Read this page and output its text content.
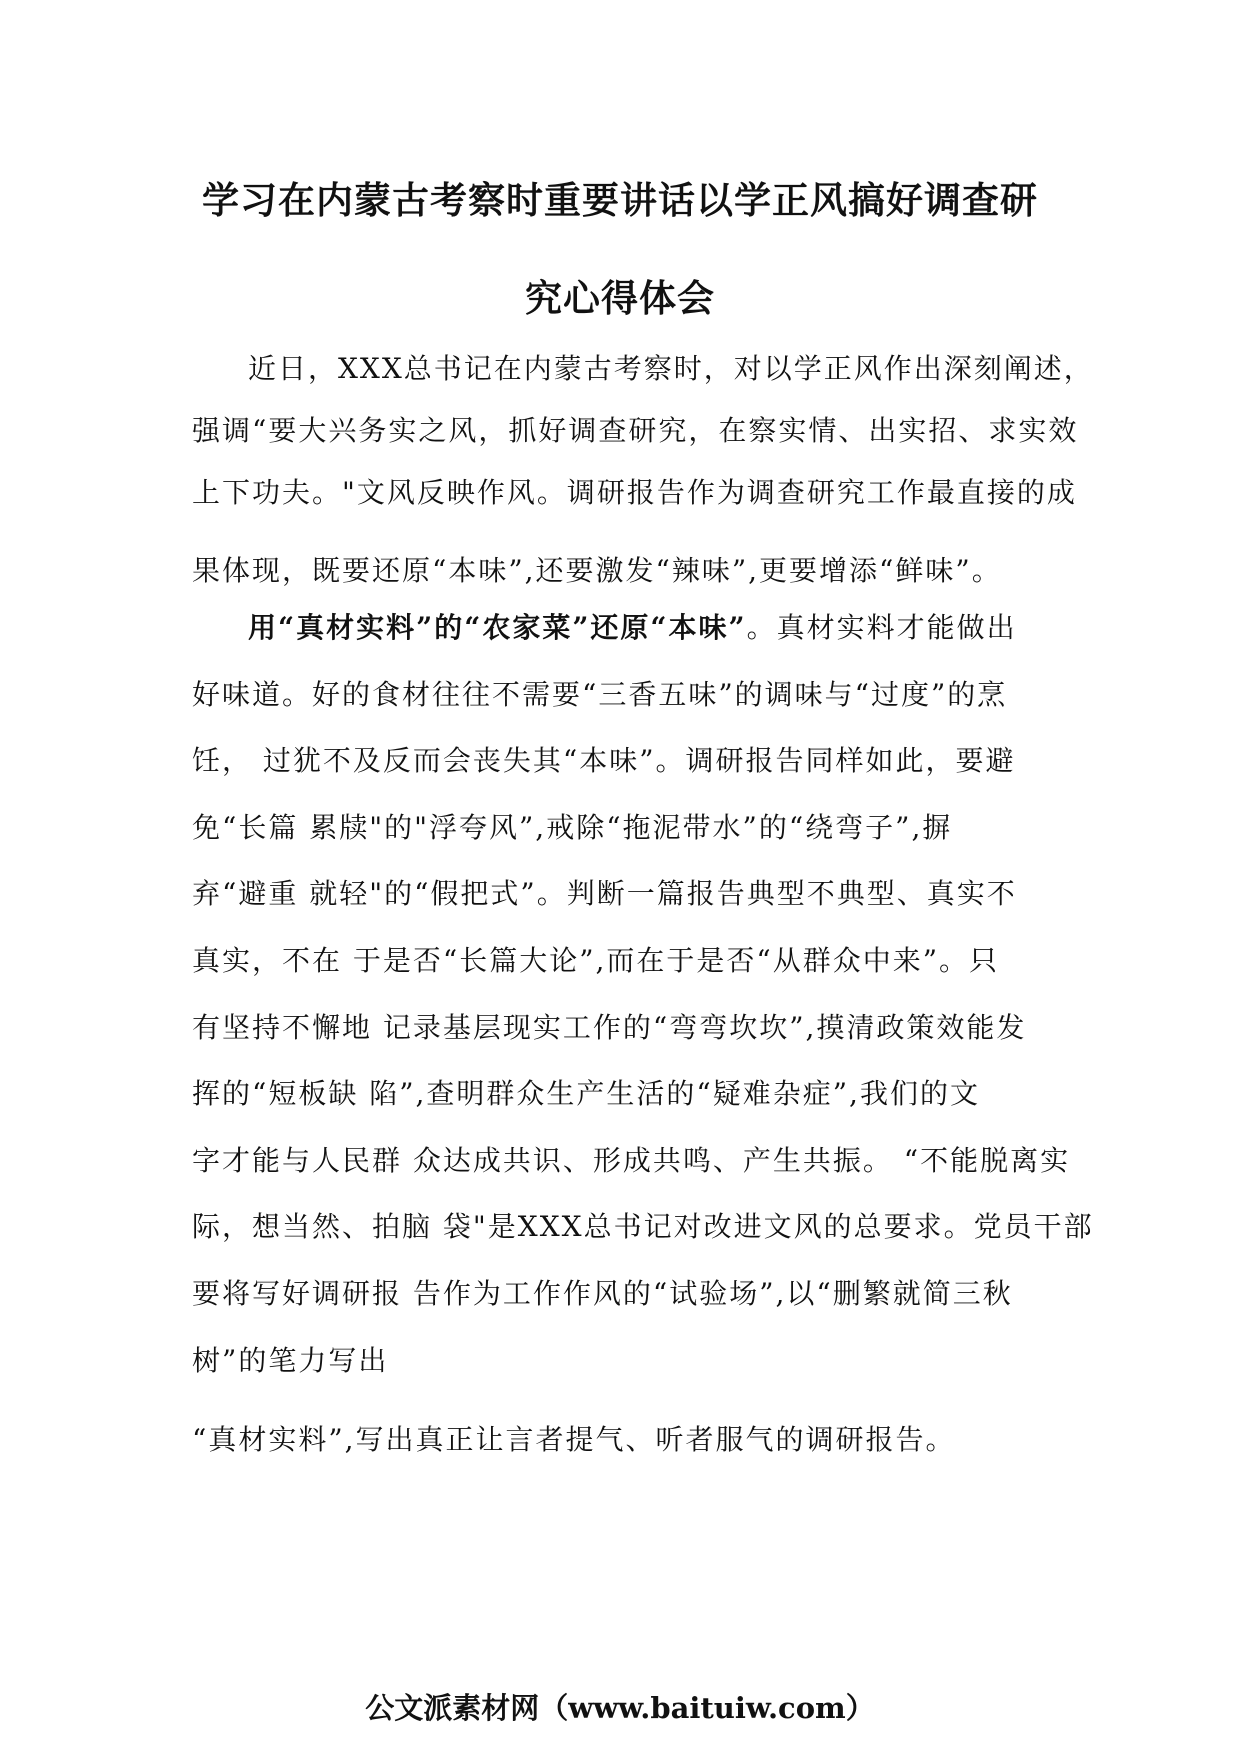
学习在内蒙古考察时重要讲话以学正风搞好调查研
究心得体会

近日，XXX总书记在内蒙古考察时，对以学正风作出深刻阐述，
强调“要大兴务实之风，抓好调查研究，在察实情、出实招、求实效
上下功夫。"文风反映作风。调研报告作为调查研究工作最直接的成
果体现，既要还原“本味”,还要激发“辣味”,更要增添“鲜味”。

用“真材实料”的“农家菜”还原“本味”。真材实料才能做出
好味道。好的食材往往不需要“三香五味”的调味与“过度”的烹
饪， 过犹不及反而会丧失其“本味”。调研报告同样如此，要避
免“长篇 累牍"的"浮夸风”,戒除“拖泥带水”的“绕弯子”,摒
弃“避重 就轻"的“假把式”。判断一篇报告典型不典型、真实不
真实，不在 于是否“长篇大论”,而在于是否“从群众中来”。只
有坚持不懈地 记录基层现实工作的“弯弯坎坎”,摸清政策效能发
挥的“短板缺 陷”,查明群众生产生活的“疑难杂症”,我们的文
字才能与人民群 众达成共识、形成共鸣、产生共振。 “不能脱离实
际，想当然、拍脑 袋"是XXX总书记对改进文风的总要求。党员干部
要将写好调研报 告作为工作作风的“试验场”,以“删繁就简三秋
树”的笔力写出

“真材实料”,写出真正让言者提气、听者服气的调研报告。

公文派素材网（www.baituiw.com）
